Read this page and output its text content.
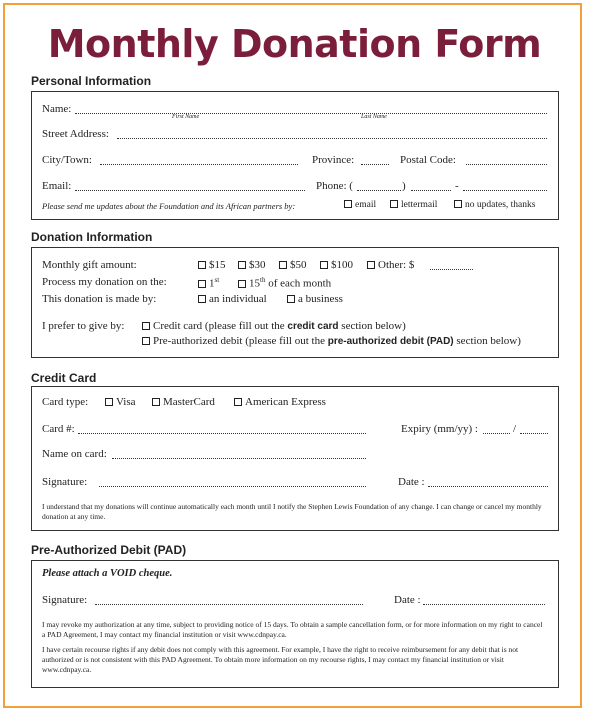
Monthly Donation Form
Personal Information
Name:
First Name	Last Name
Street Address:
City/Town:	Province:	Postal Code:
Email:	Phone: (	)	-
Please send me updates about the Foundation and its African partners by:	email	lettermail	no updates, thanks
Donation Information
Monthly gift amount:	$15	$30	$50	$100	Other: $
Process my donation on the:	1st	15th of each month
This donation is made by:	an individual	a business
I prefer to give by:	Credit card (please fill out the credit card section below)
Pre-authorized debit (please fill out the pre-authorized debit (PAD) section below)
Credit Card
Card type:	Visa	MasterCard	American Express
Card #:	Expiry (mm/yy) :	/
Name on card:
Signature:	Date :
I understand that my donations will continue automatically each month until I notify the Stephen Lewis Foundation of any change. I can change or cancel my monthly donation at any time.
Pre-Authorized Debit (PAD)
Please attach a VOID cheque.
Signature:	Date :
I may revoke my authorization at any time, subject to providing notice of 15 days. To obtain a sample cancellation form, or for more information on my right to cancel a PAD Agreement, I may contact my financial institution or visit www.cdnpay.ca.
I have certain recourse rights if any debit does not comply with this agreement. For example, I have the right to receive reimbursement for any debit that is not authorized or is not consistent with this PAD Agreement. To obtain more information on my recourse rights, I may contact my financial institution or visit www.cdnpay.ca.
